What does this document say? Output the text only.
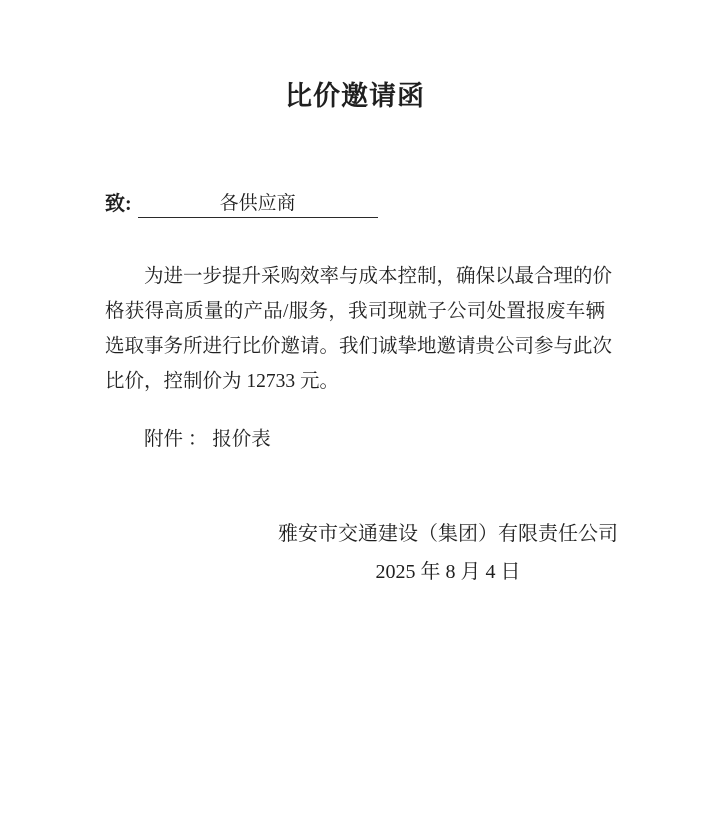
比价邀请函
致:	各供应商
为进一步提升采购效率与成本控制，确保以最合理的价
格获得高质量的产品/服务，我司现就子公司处置报废车辆
选取事务所进行比价邀请。我们诚挚地邀请贵公司参与此次
比价，控制价为 12733 元。
附件 ： 报价表
雅安市交通建设（集团）有限责任公司
2025 年 8 月 4 日
